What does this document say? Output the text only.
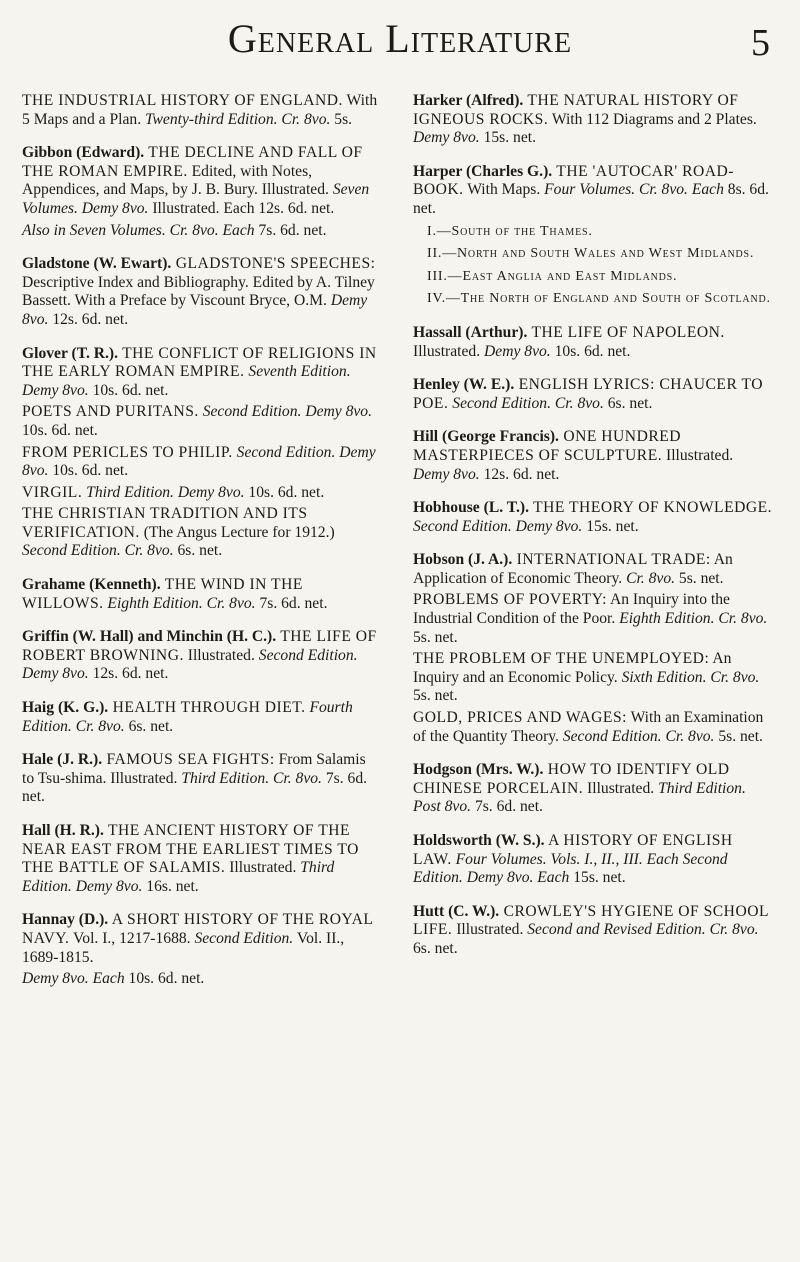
General Literature	5

THE INDUSTRIAL HISTORY OF ENGLAND. With 5 Maps and a Plan. Twenty-third Edition. Cr. 8vo. 5s.

Gibbon (Edward). THE DECLINE AND FALL OF THE ROMAN EMPIRE. Edited, with Notes, Appendices, and Maps, by J. B. Bury. Illustrated. Seven Volumes. Demy 8vo. Illustrated. Each 12s. 6d. net.

Also in Seven Volumes. Cr. 8vo. Each 7s. 6d. net.

Gladstone (W. Ewart). GLADSTONE'S SPEECHES: Descriptive Index and Bibliography. Edited by A. Tilney Bassett. With a Preface by Viscount Bryce, O.M. Demy 8vo. 12s. 6d. net.

Glover (T. R.). THE CONFLICT OF RELIGIONS IN THE EARLY ROMAN EMPIRE. Seventh Edition. Demy 8vo. 10s. 6d. net.

POETS AND PURITANS. Second Edition. Demy 8vo. 10s. 6d. net.

FROM PERICLES TO PHILIP. Second Edition. Demy 8vo. 10s. 6d. net.

VIRGIL. Third Edition. Demy 8vo. 10s. 6d. net.

THE CHRISTIAN TRADITION AND ITS VERIFICATION. (The Angus Lecture for 1912.) Second Edition. Cr. 8vo. 6s. net.

Grahame (Kenneth). THE WIND IN THE WILLOWS. Eighth Edition. Cr. 8vo. 7s. 6d. net.

Griffin (W. Hall) and Minchin (H. C.). THE LIFE OF ROBERT BROWNING. Illustrated. Second Edition. Demy 8vo. 12s. 6d. net.

Haig (K. G.). HEALTH THROUGH DIET. Fourth Edition. Cr. 8vo. 6s. net.

Hale (J. R.). FAMOUS SEA FIGHTS: From Salamis to Tsu-shima. Illustrated. Third Edition. Cr. 8vo. 7s. 6d. net.

Hall (H. R.). THE ANCIENT HISTORY OF THE NEAR EAST FROM THE EARLIEST TIMES TO THE BATTLE OF SALAMIS. Illustrated. Third Edition. Demy 8vo. 16s. net.

Hannay (D.). A SHORT HISTORY OF THE ROYAL NAVY. Vol. I., 1217-1688. Second Edition. Vol. II., 1689-1815.

Demy 8vo. Each 10s. 6d. net.

Harker (Alfred). THE NATURAL HISTORY OF IGNEOUS ROCKS. With 112 Diagrams and 2 Plates. Demy 8vo. 15s. net.

Harper (Charles G.). THE 'AUTOCAR' ROAD-BOOK. With Maps. Four Volumes. Cr. 8vo. Each 8s. 6d. net.

I.—South of the Thames.

II.—North and South Wales and West Midlands.

III.—East Anglia and East Midlands.

IV.—The North of England and South of Scotland.

Hassall (Arthur). THE LIFE OF NAPOLEON. Illustrated. Demy 8vo. 10s. 6d. net.

Henley (W. E.). ENGLISH LYRICS: CHAUCER TO POE. Second Edition. Cr. 8vo. 6s. net.

Hill (George Francis). ONE HUNDRED MASTERPIECES OF SCULPTURE. Illustrated. Demy 8vo. 12s. 6d. net.

Hobhouse (L. T.). THE THEORY OF KNOWLEDGE. Second Edition. Demy 8vo. 15s. net.

Hobson (J. A.). INTERNATIONAL TRADE: An Application of Economic Theory. Cr. 8vo. 5s. net.

PROBLEMS OF POVERTY: An Inquiry into the Industrial Condition of the Poor. Eighth Edition. Cr. 8vo. 5s. net.

THE PROBLEM OF THE UNEMPLOYED: An Inquiry and an Economic Policy. Sixth Edition. Cr. 8vo. 5s. net.

GOLD, PRICES AND WAGES: With an Examination of the Quantity Theory. Second Edition. Cr. 8vo. 5s. net.

Hodgson (Mrs. W.). HOW TO IDENTIFY OLD CHINESE PORCELAIN. Illustrated. Third Edition. Post 8vo. 7s. 6d. net.

Holdsworth (W. S.). A HISTORY OF ENGLISH LAW. Four Volumes. Vols. I., II., III. Each Second Edition. Demy 8vo. Each 15s. net.

Hutt (C. W.). CROWLEY'S HYGIENE OF SCHOOL LIFE. Illustrated. Second and Revised Edition. Cr. 8vo. 6s. net.
